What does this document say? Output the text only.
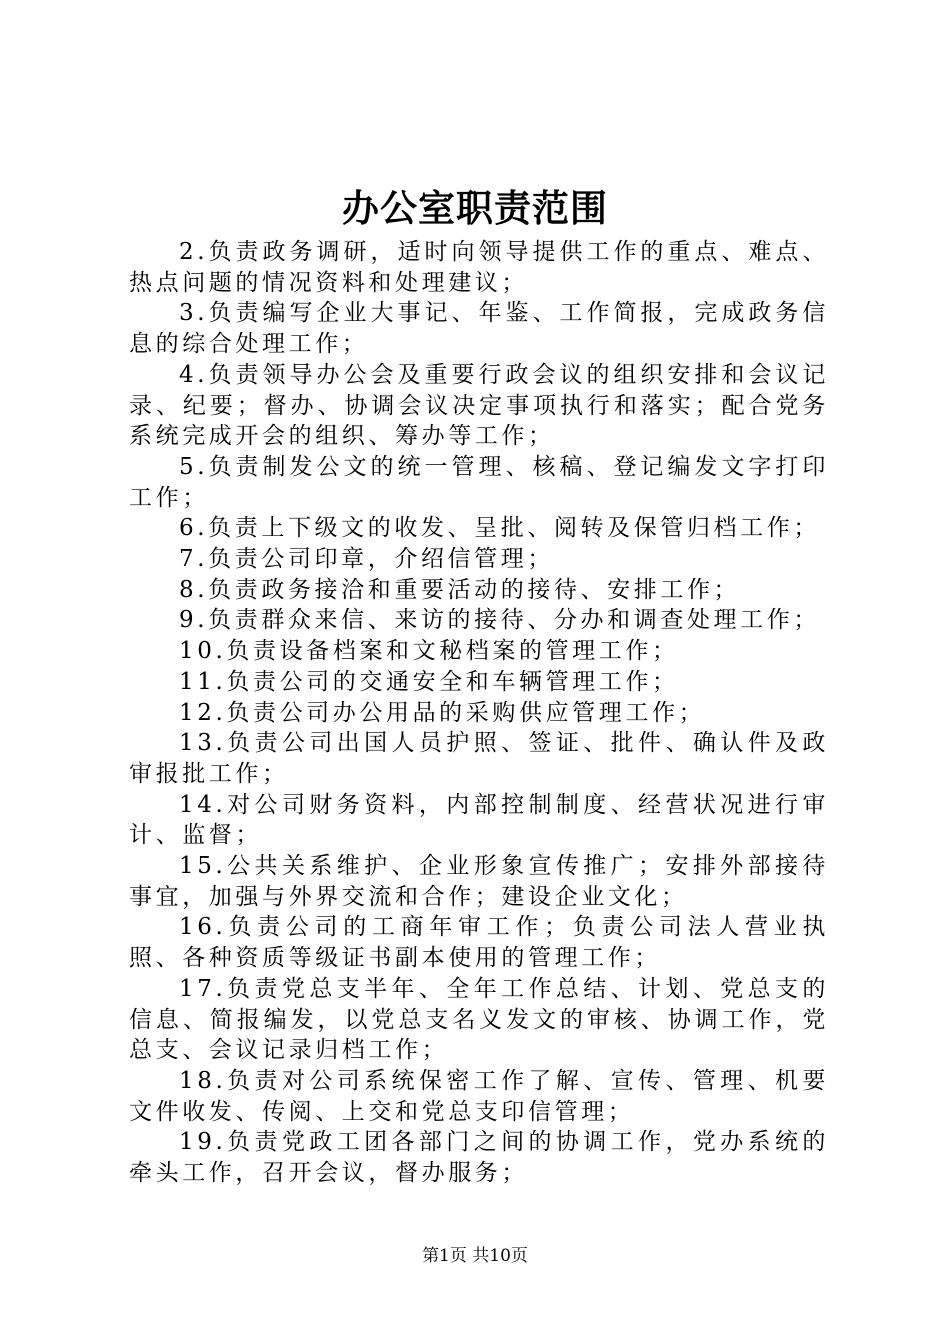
办公室职责范围

2.负责政务调研，适时向领导提供工作的重点、难点、热点问题的情况资料和处理建议；

3.负责编写企业大事记、年鉴、工作简报，完成政务信息的综合处理工作；

4.负责领导办公会及重要行政会议的组织安排和会议记录、纪要；督办、协调会议决定事项执行和落实；配合党务系统完成开会的组织、筹办等工作；

5.负责制发公文的统一管理、核稿、登记编发文字打印工作；

6.负责上下级文的收发、呈批、阅转及保管归档工作；

7.负责公司印章，介绍信管理；

8.负责政务接洽和重要活动的接待、安排工作；

9.负责群众来信、来访的接待、分办和调查处理工作；

10.负责设备档案和文秘档案的管理工作；

11.负责公司的交通安全和车辆管理工作；

12.负责公司办公用品的采购供应管理工作；

13.负责公司出国人员护照、签证、批件、确认件及政审报批工作；

14.对公司财务资料，内部控制制度、经营状况进行审计、监督；

15.公共关系维护、企业形象宣传推广；安排外部接待事宜，加强与外界交流和合作；建设企业文化；

16.负责公司的工商年审工作；负责公司法人营业执照、各种资质等级证书副本使用的管理工作；

17.负责党总支半年、全年工作总结、计划、党总支的信息、简报编发，以党总支名义发文的审核、协调工作，党总支、会议记录归档工作；

18.负责对公司系统保密工作了解、宣传、管理、机要文件收发、传阅、上交和党总支印信管理；

19.负责党政工团各部门之间的协调工作，党办系统的牵头工作，召开会议，督办服务；

第1页 共10页
